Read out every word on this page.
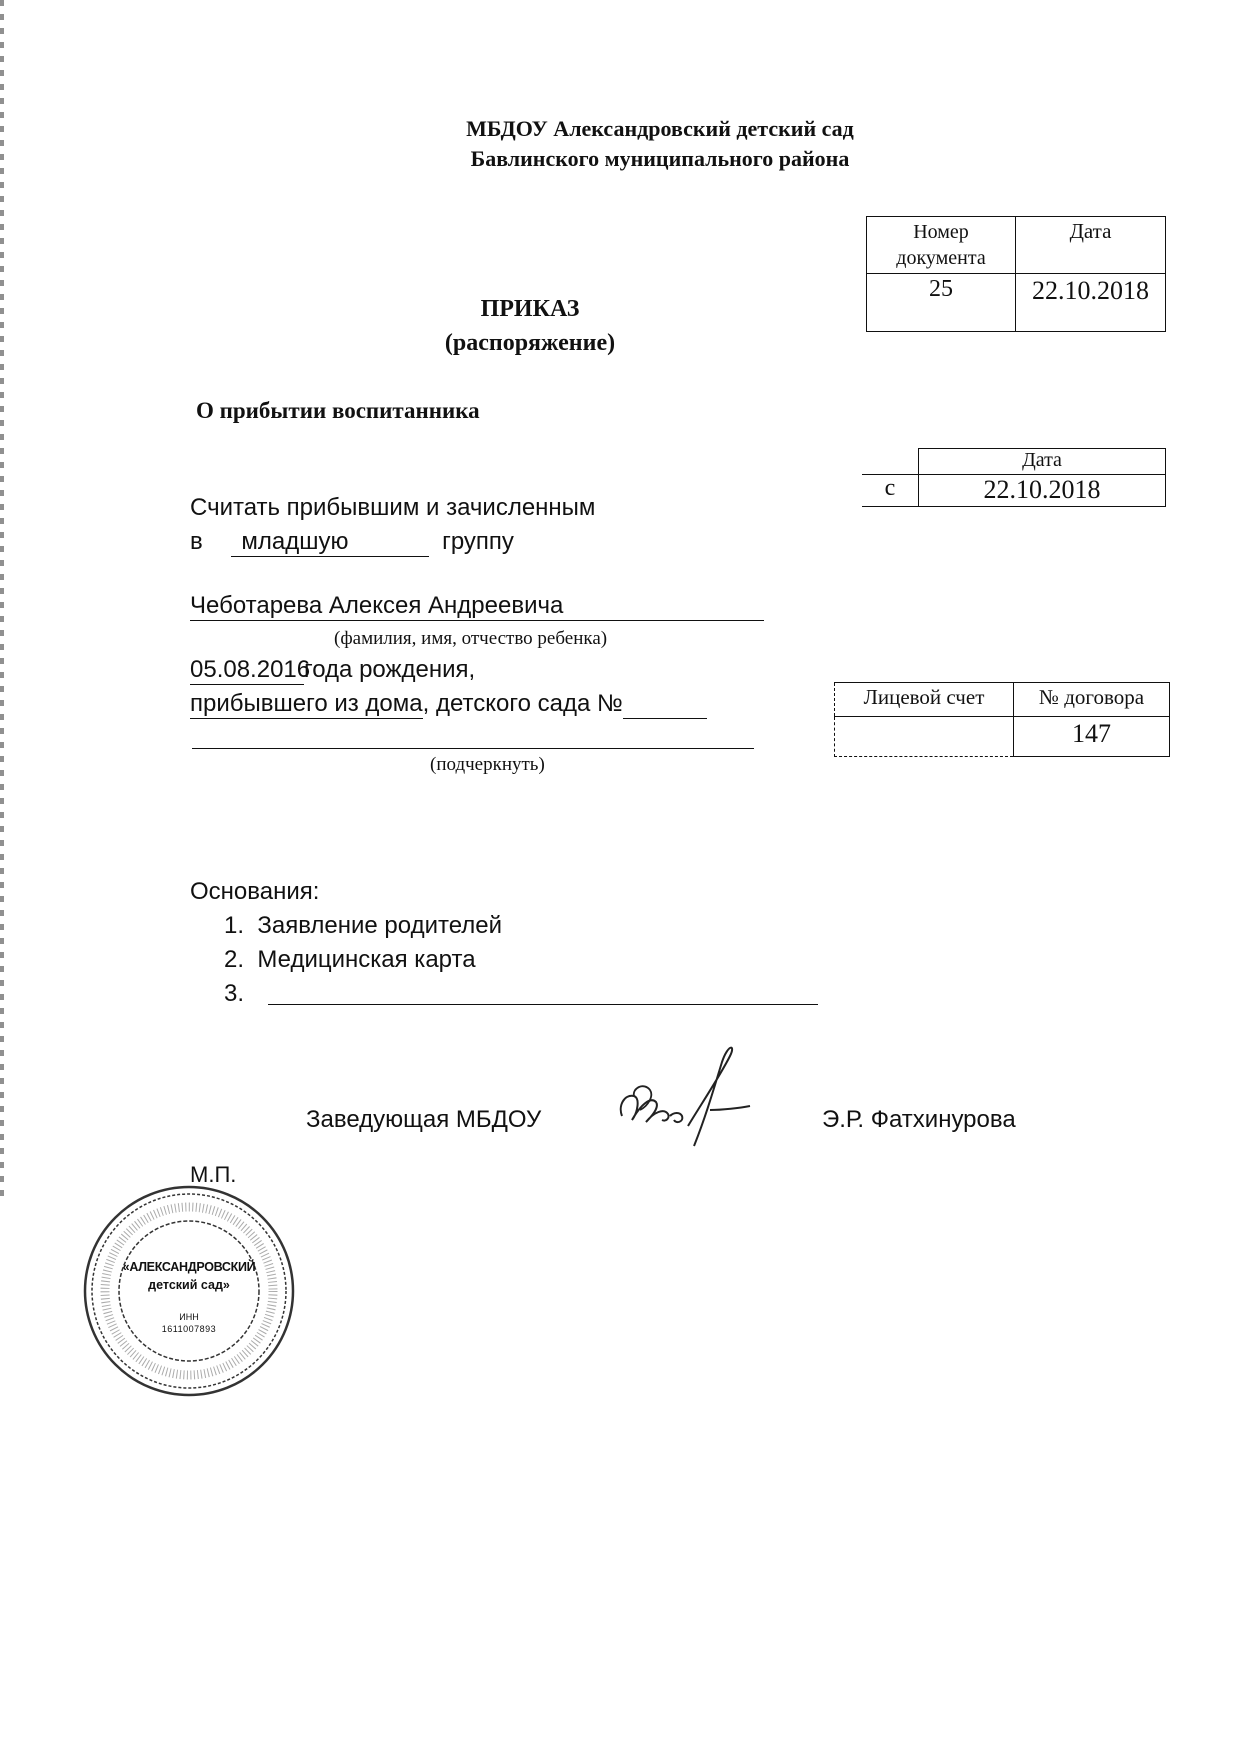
МБДОУ Александровский детский сад
Бавлинского муниципального района
Номер документа	Дата
25	22.10.2018
ПРИКАЗ
(распоряжение)
О прибытии воспитанника
	Дата
с	22.10.2018
Считать прибывшим и зачисленным
в младшую	группу
Чеботарева Алексея Андреевича
(фамилия, имя, отчество ребенка)
05.08.2016года рождения,
прибывшего из дома, детского сада №
(подчеркнуть)
Лицевой счет	№ договора
	147
Основания:
1.  Заявление родителей
2.  Медицинская карта
3.
Заведующая МБДОУ	Э.Р. Фатхинурова
М.П.
«АЛЕКСАНДРОВСКИЙ
детский сад»
ИНН
1611007893
